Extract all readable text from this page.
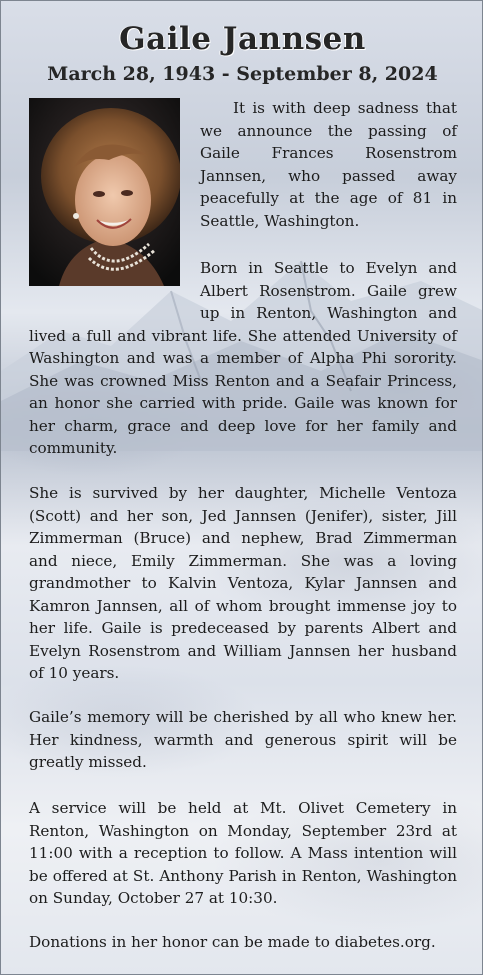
Gaile Jannsen
March 28, 1943 - September 8, 2024

It is with deep sadness that we announce the passing of Gaile Frances Rosenstrom Jannsen, who passed away peacefully at the age of 81 in Seattle, Washington.

Born in Seattle to Evelyn and Albert Rosenstrom. Gaile grew up in Renton, Washington and lived a full and vibrant life. She attended University of Washington and was a member of Alpha Phi sorority. She was crowned Miss Renton and a Seafair Princess, an honor she carried with pride. Gaile was known for her charm, grace and deep love for her family and community.

She is survived by her daughter, Michelle Ventoza (Scott) and her son, Jed Jannsen (Jenifer), sister, Jill Zimmerman (Bruce) and nephew, Brad Zimmerman and niece, Emily Zimmerman. She was a loving grandmother to Kalvin Ventoza, Kylar Jannsen and Kamron Jannsen, all of whom brought immense joy to her life. Gaile is predeceased by parents Albert and Evelyn Rosenstrom and William Jannsen her husband of 10 years.

Gaile’s memory will be cherished by all who knew her. Her kindness, warmth and generous spirit will be greatly missed.

A service will be held at Mt. Olivet Cemetery in Renton, Washington on Monday, September 23rd at 11:00 with a reception to follow. A Mass intention will be offered at St. Anthony Parish in Renton, Washington on Sunday, October 27 at 10:30.

Donations in her honor can be made to diabetes.org.
